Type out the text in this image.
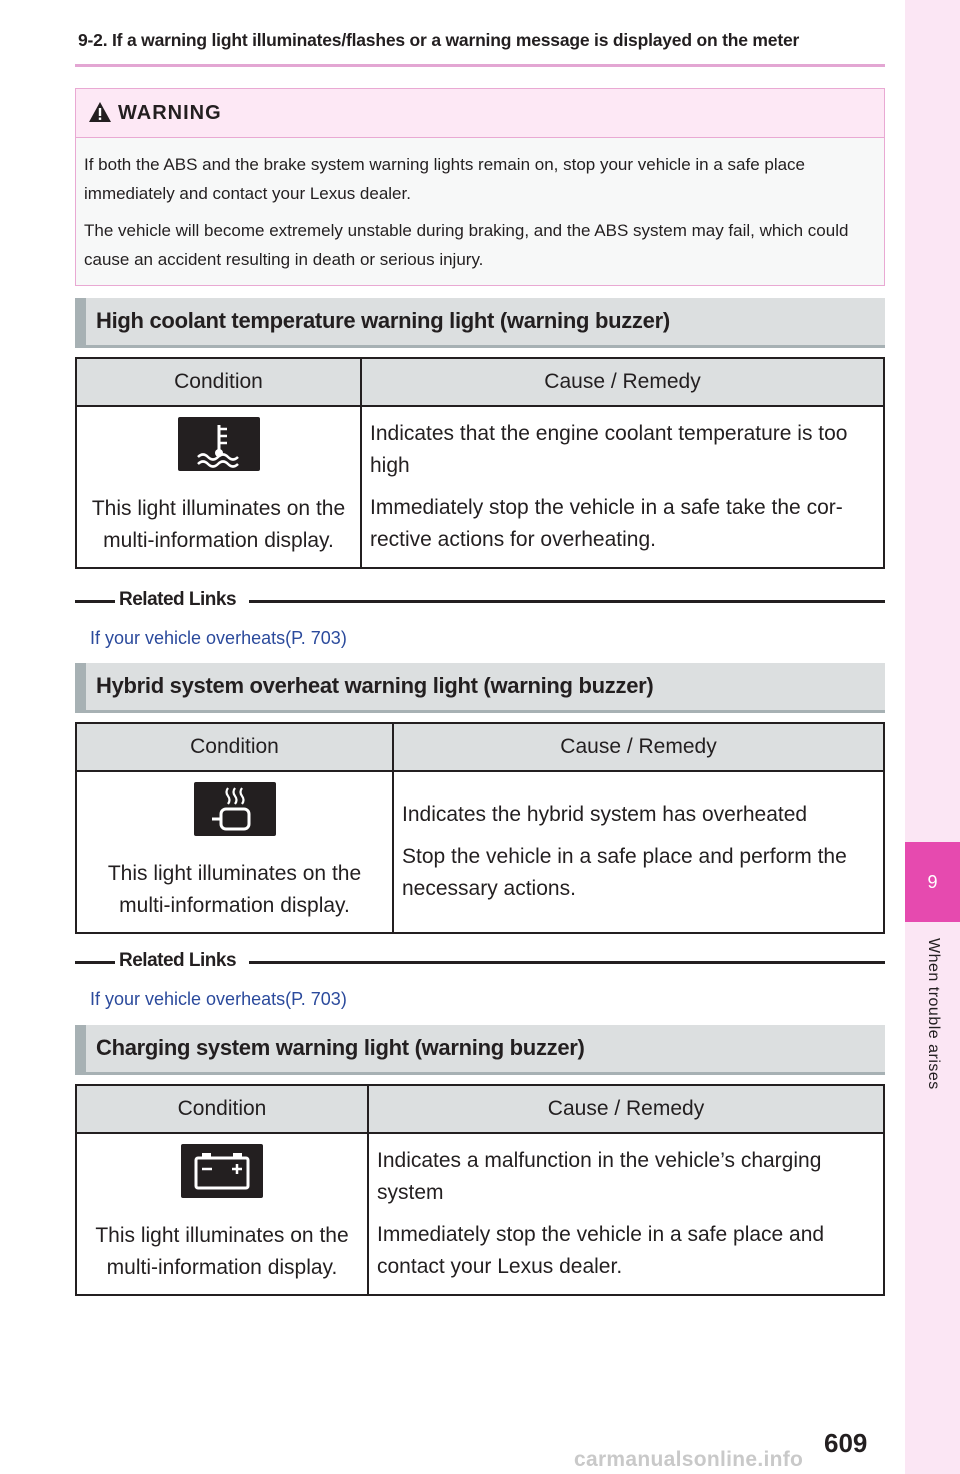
9-2. If a warning light illuminates/flashes or a warning message is displayed on the meter
WARNING

If both the ABS and the brake system warning lights remain on, stop your vehicle in a safe place immediately and contact your Lexus dealer.

The vehicle will become extremely unstable during braking, and the ABS system may fail, which could cause an accident resulting in death or serious injury.

High coolant temperature warning light (warning buzzer)
Condition	Cause / Remedy

This light illuminates on the multi-information display.	Indicates that the engine coolant temperature is too high

Immediately stop the vehicle in a safe take the cor-rective actions for overheating.

Related Links
If your vehicle overheats(P. 703)
Hybrid system overheat warning light (warning buzzer)
Condition	Cause / Remedy

This light illuminates on the multi-information display.	Indicates the hybrid system has overheated

Stop the vehicle in a safe place and perform the necessary actions.

Related Links
If your vehicle overheats(P. 703)
Charging system warning light (warning buzzer)
Condition	Cause / Remedy

This light illuminates on the multi-information display.	Indicates a malfunction in the vehicle’s charging system

Immediately stop the vehicle in a safe place and contact your Lexus dealer.

9
When trouble arises
609
carmanualsonline.info
